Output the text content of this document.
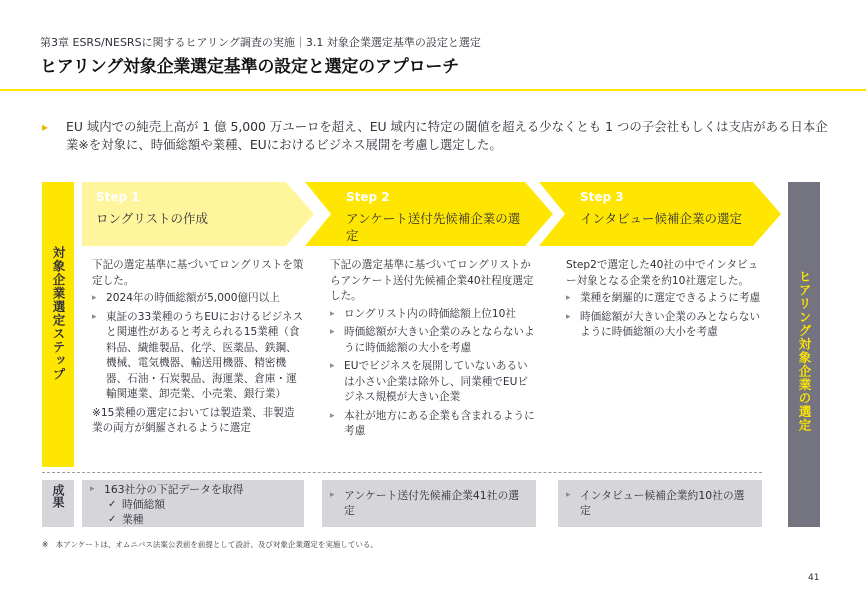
第3章 ESRS/NESRSに関するヒアリング調査の実施｜3.1 対象企業選定基準の設定と選定
ヒアリング対象企業選定基準の設定と選定のアプローチ
▸ EU 域内での純売上高が 1 億 5,000 万ユーロを超え、EU 域内に特定の閾値を超える少なくとも 1 つの子会社もしくは支店がある日本企業※を対象に、時価総額や業種、EUにおけるビジネス展開を考慮し選定した。
対象企業選定ステップ
Step 1
ロングリストの作成
Step 2
アンケート送付先候補企業の選定
Step 3
インタビュー候補企業の選定

下記の選定基準に基づいてロングリストを策定した。

▸ 2024年の時価総額が5,000億円以上
▸ 東証の33業種のうちEUにおけるビジネスと関連性があると考えられる15業種（食料品、繊維製品、化学、医薬品、鉄鋼、機械、電気機器、輸送用機器、精密機器、石油・石炭製品、海運業、倉庫・運輸関連業、卸売業、小売業、銀行業）

※15業種の選定においては製造業、非製造業の両方が網羅されるように選定

下記の選定基準に基づいてロングリストからアンケート送付先候補企業40社程度選定した。

▸ ロングリスト内の時価総額上位10社
▸ 時価総額が大きい企業のみとならないように時価総額の大小を考慮
▸ EUでビジネスを展開していないあるいは小さい企業は除外し、同業種でEUビジネス規模が大きい企業
▸ 本社が地方にある企業も含まれるように考慮

Step2で選定した40社の中でインタビュー対象となる企業を約10社選定した。

▸ 業種を網羅的に選定できるように考慮
▸ 時価総額が大きい企業のみとならないように時価総額の大小を考慮	ヒアリング対象企業の選定
成果
▸	163社分の下記データを取得
✓ 時価総額
✓ 業種
▸ アンケート送付先候補企業41社の選定
▸ インタビュー候補企業約10社の選定
※　本アンケートは、オムニバス法案公表前を前提として設計、及び対象企業選定を実施している。
41
